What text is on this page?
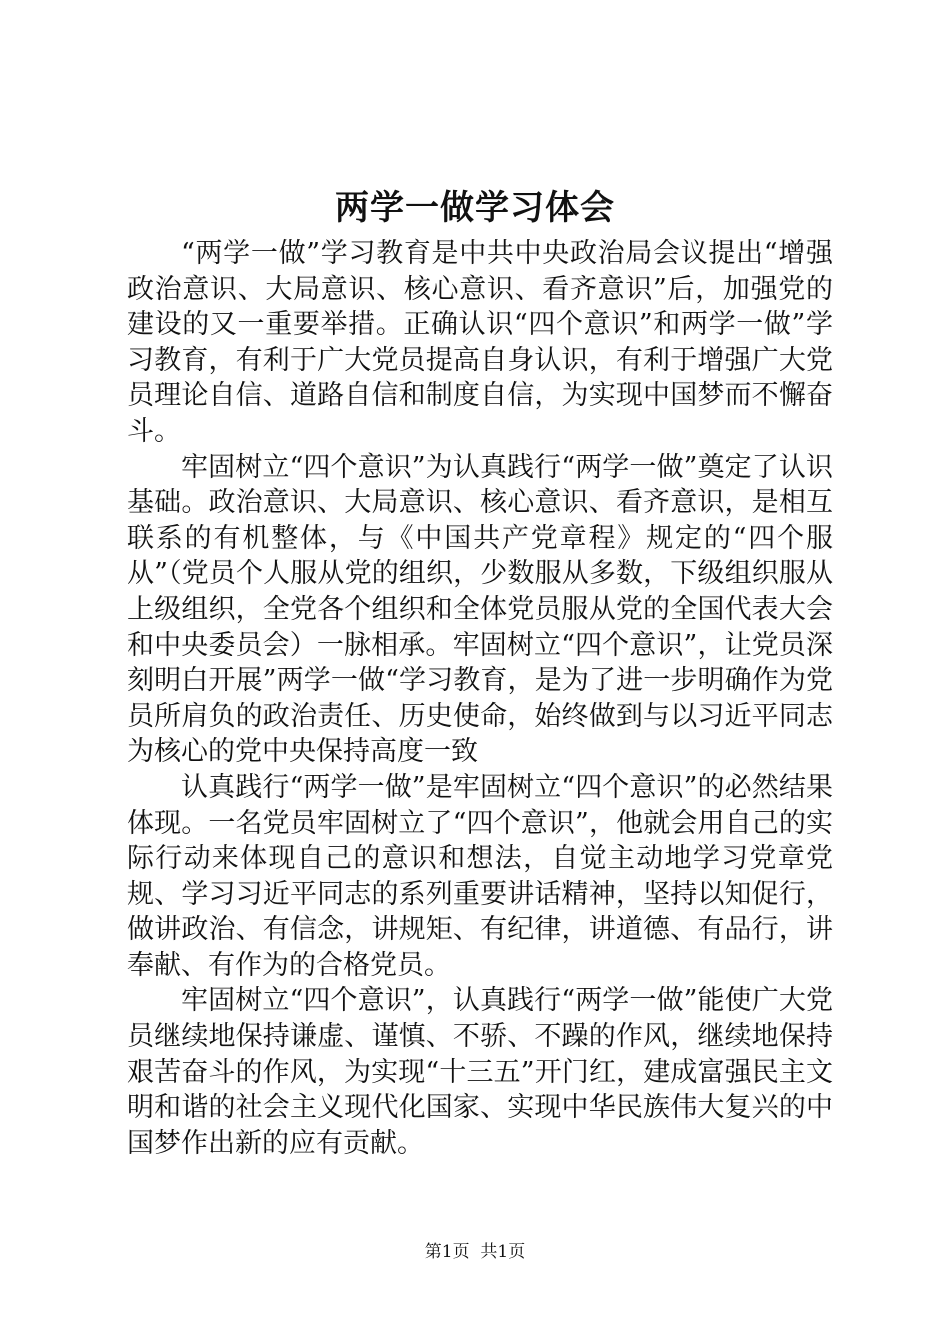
两学一做学习体会

“两学一做”学习教育是中共中央政治局会议提出“增强政治意识、大局意识、核心意识、看齐意识”后，加强党的建设的又一重要举措。正确认识“四个意识”和两学一做”学习教育，有利于广大党员提高自身认识，有利于增强广大党员理论自信、道路自信和制度自信，为实现中国梦而不懈奋斗。

牢固树立“四个意识”为认真践行“两学一做”奠定了认识基础。政治意识、大局意识、核心意识、看齐意识，是相互联系的有机整体，与《中国共产党章程》规定的“四个服从”（党员个人服从党的组织，少数服从多数，下级组织服从上级组织，全党各个组织和全体党员服从党的全国代表大会和中央委员会）一脉相承。牢固树立“四个意识”，让党员深刻明白开展”两学一做“学习教育，是为了进一步明确作为党员所肩负的政治责任、历史使命，始终做到与以习近平同志为核心的党中央保持高度一致

认真践行“两学一做”是牢固树立“四个意识”的必然结果体现。一名党员牢固树立了“四个意识”，他就会用自己的实际行动来体现自己的意识和想法，自觉主动地学习党章党规、学习习近平同志的系列重要讲话精神，坚持以知促行，做讲政治、有信念，讲规矩、有纪律，讲道德、有品行，讲奉献、有作为的合格党员。

牢固树立“四个意识”，认真践行“两学一做”能使广大党员继续地保持谦虚、谨慎、不骄、不躁的作风，继续地保持艰苦奋斗的作风，为实现“十三五”开门红，建成富强民主文明和谐的社会主义现代化国家、实现中华民族伟大复兴的中国梦作出新的应有贡献。

第1页 共1页
